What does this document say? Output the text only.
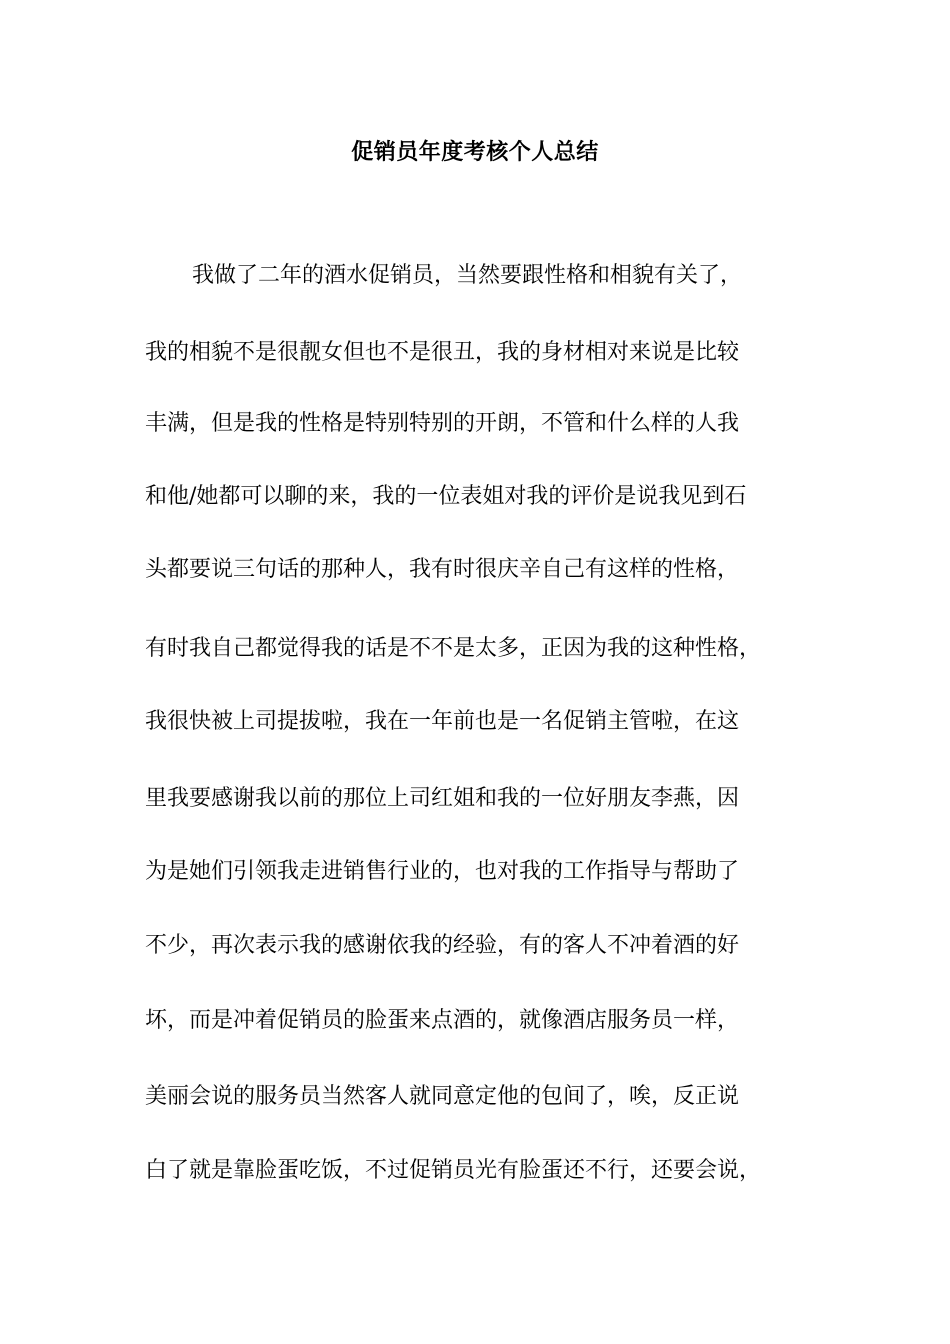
促销员年度考核个人总结
我做了二年的酒水促销员，当然要跟性格和相貌有关了，
我的相貌不是很靓女但也不是很丑，我的身材相对来说是比较
丰满，但是我的性格是特别特别的开朗，不管和什么样的人我
和他/她都可以聊的来，我的一位表姐对我的评价是说我见到石
头都要说三句话的那种人，我有时很庆辛自己有这样的性格，
有时我自己都觉得我的话是不不是太多，正因为我的这种性格，
我很快被上司提拔啦，我在一年前也是一名促销主管啦，在这
里我要感谢我以前的那位上司红姐和我的一位好朋友李燕，因
为是她们引领我走进销售行业的，也对我的工作指导与帮助了
不少，再次表示我的感谢依我的经验，有的客人不冲着酒的好
坏，而是冲着促销员的脸蛋来点酒的，就像酒店服务员一样，
美丽会说的服务员当然客人就同意定他的包间了，唉，反正说
白了就是靠脸蛋吃饭，不过促销员光有脸蛋还不行，还要会说，
